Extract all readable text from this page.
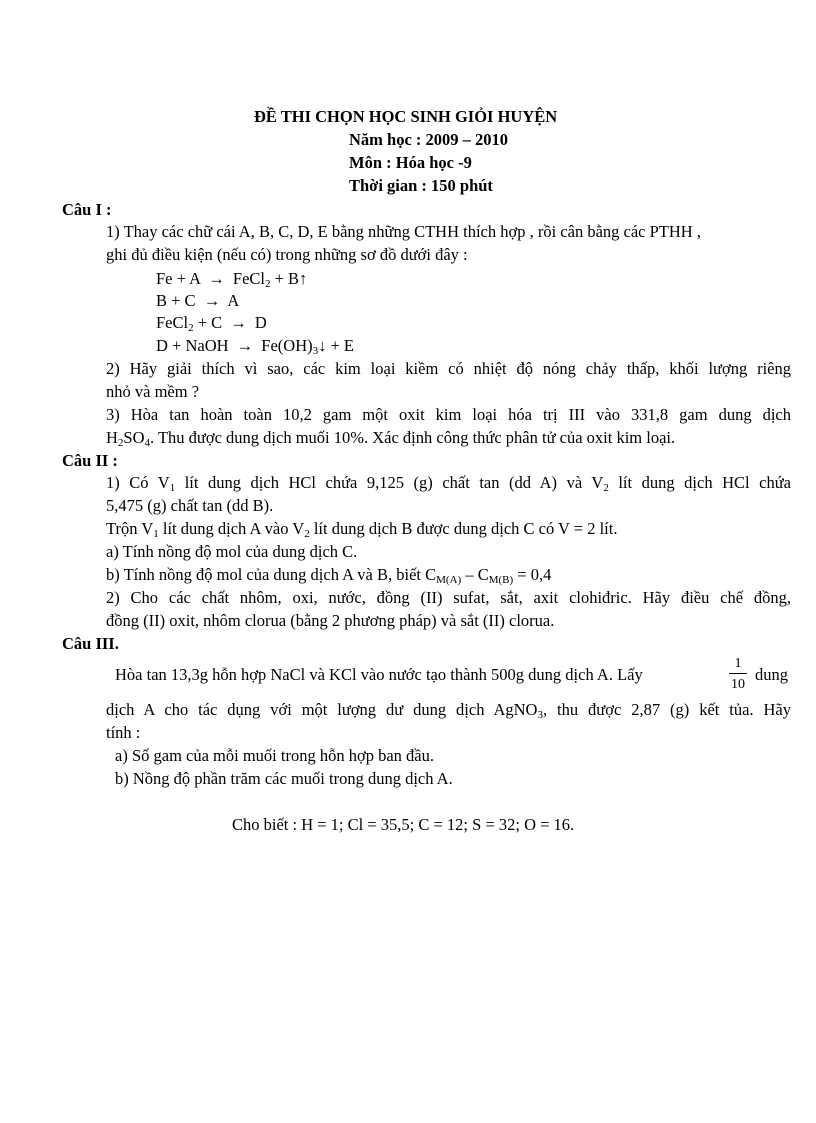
ĐỀ THI CHỌN HỌC SINH GIỎI HUYỆN
Năm học : 2009 – 2010
Môn : Hóa học -9
Thời gian : 150 phút
Câu I :
1) Thay các chữ cái A, B, C, D, E bằng những CTHH thích hợp , rồi cân bằng các PTHH ,
ghi đủ điều kiện (nếu có) trong những sơ đồ dưới đây :
Fe + A → FeCl$_2$ + B↑
B + C → A
FeCl$_2$ + C → D
D + NaOH → $Fe(OH)_3↓ + E$
2) Hãy giải thích vì sao, các kim loại kiềm có nhiệt độ nóng chảy thấp, khối lượng riêng
nhỏ và mềm ?
3) Hòa tan hoàn toàn 10,2 gam một oxit kim loại hóa trị III vào 331,8 gam dung dịch
$H_2SO_4$. Thu được dung dịch muối 10%. Xác định công thức phân tử của oxit kim loại.
Câu II :
1) Có $V_1$ lít dung dịch HCl chứa 9,125 (g) chất tan (dd A) và $V_2$ lít dung dịch HCl chứa
5,475 (g) chất tan (dd B).
Trộn $V_1$ lít dung dịch A vào $V_2$ lít dung dịch B được dung dịch C có V = 2 lít.
a) Tính nồng độ mol của dung dịch C.
b) Tính nồng độ mol của dung dịch A và B, biết $C_{M(A)} - C_{M(B)} = 0,4$
2) Cho các chất nhôm, oxi, nước, đồng (II) sufat, sắt, axit clohiđric. Hãy điều chế đồng,
đồng (II) oxit, nhôm clorua (bằng 2 phương pháp) và sắt (II) clorua.
Câu III.
Hòa tan 13,3g hỗn hợp NaCl và KCl vào nước tạo thành 500g dung dịch A. Lấy
1
10
dung
dịch A cho tác dụng với một lượng dư dung dịch AgNO$_3$, thu được 2,87 (g) kết tủa. Hãy
tính :
a) Số gam của mỗi muối trong hỗn hợp ban đầu.
b) Nồng độ phần trăm các muối trong dung dịch A.
Cho biết : H = 1; Cl = 35,5; C = 12; S = 32; O = 16.
